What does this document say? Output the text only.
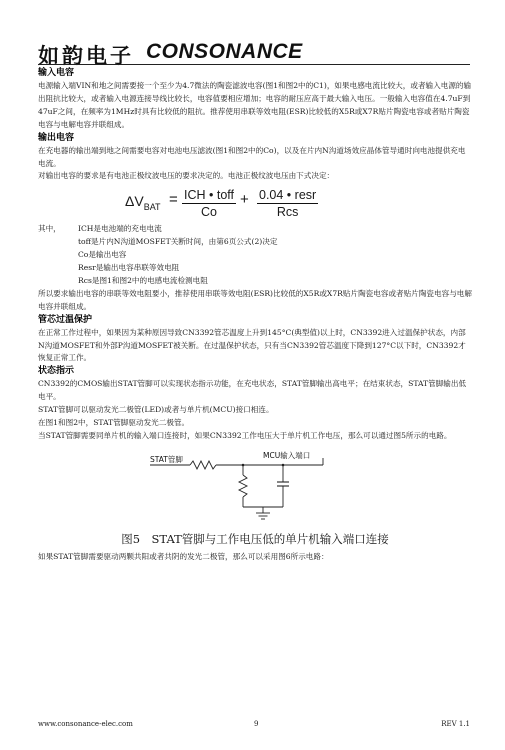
如韵电子 CONSONANCE

输入电容

电源输入端VIN和地之间需要接一个至少为4.7微法的陶瓷滤波电容(图1和图2中的C1)，如果电感电流比较大，或者输入电源的输出阻抗比较大，或者输入电源连接导线比较长，电容值要相应增加；电容的耐压应高于最大输入电压。一般输入电容值在4.7uF到47uF之间，在频率为1MHz时具有比较低的阻抗。推荐使用串联等效电阻(ESR)比较低的X5R或X7R贴片陶瓷电容或者贴片陶瓷电容与电解电容并联组成。

输出电容

在充电器的输出端到地之间需要电容对电池电压滤波(图1和图2中的Co)，以及在片内N沟道场效应晶体管导通时向电池提供充电电流。

对输出电容的要求是有电池正极纹波电压的要求决定的。电池正极纹波电压由下式决定：

$\Delta V_{BAT}$ = ICH • toff
Co
+ 0.04 • resr
Rcs
其中， ICH是电池端的充电电流
toff是片内N沟道MOSFET关断时间，由第6页公式(2)决定
Co是输出电容
Resr是输出电容串联等效电阻
Rcs是图1和图2中的电感电流检测电阻

所以要求输出电容的串联等效电阻要小，推荐使用串联等效电阻(ESR)比较低的X5R或X7R贴片陶瓷电容或者贴片陶瓷电容与电解电容并联组成。

管芯过温保护

在正常工作过程中，如果因为某种原因导致CN3392管芯温度上升到145°C(典型值)以上时，CN3392进入过温保护状态，内部N沟道MOSFET和外部P沟道MOSFET被关断。在过温保护状态，只有当CN3392管芯温度下降到127°C以下时，CN3392才恢复正常工作。

状态指示

CN3392的CMOS输出STAT管脚可以实现状态指示功能，在充电状态，STAT管脚输出高电平；在结束状态，STAT管脚输出低电平。

STAT管脚可以驱动发光二极管(LED)或者与单片机(MCU)接口相连。

在图1和图2中，STAT管脚驱动发光二极管。

当STAT管脚需要同单片机的输入端口连接时，如果CN3392工作电压大于单片机工作电压，那么可以通过图5所示的电路。

STAT管脚	MCU输入端口
图5　STAT管脚与工作电压低的单片机输入端口连接

如果STAT管脚需要驱动两颗共阳或者共阴的发光二极管，那么可以采用图6所示电路：

www.consonance-elec.com	9	REV 1.1
